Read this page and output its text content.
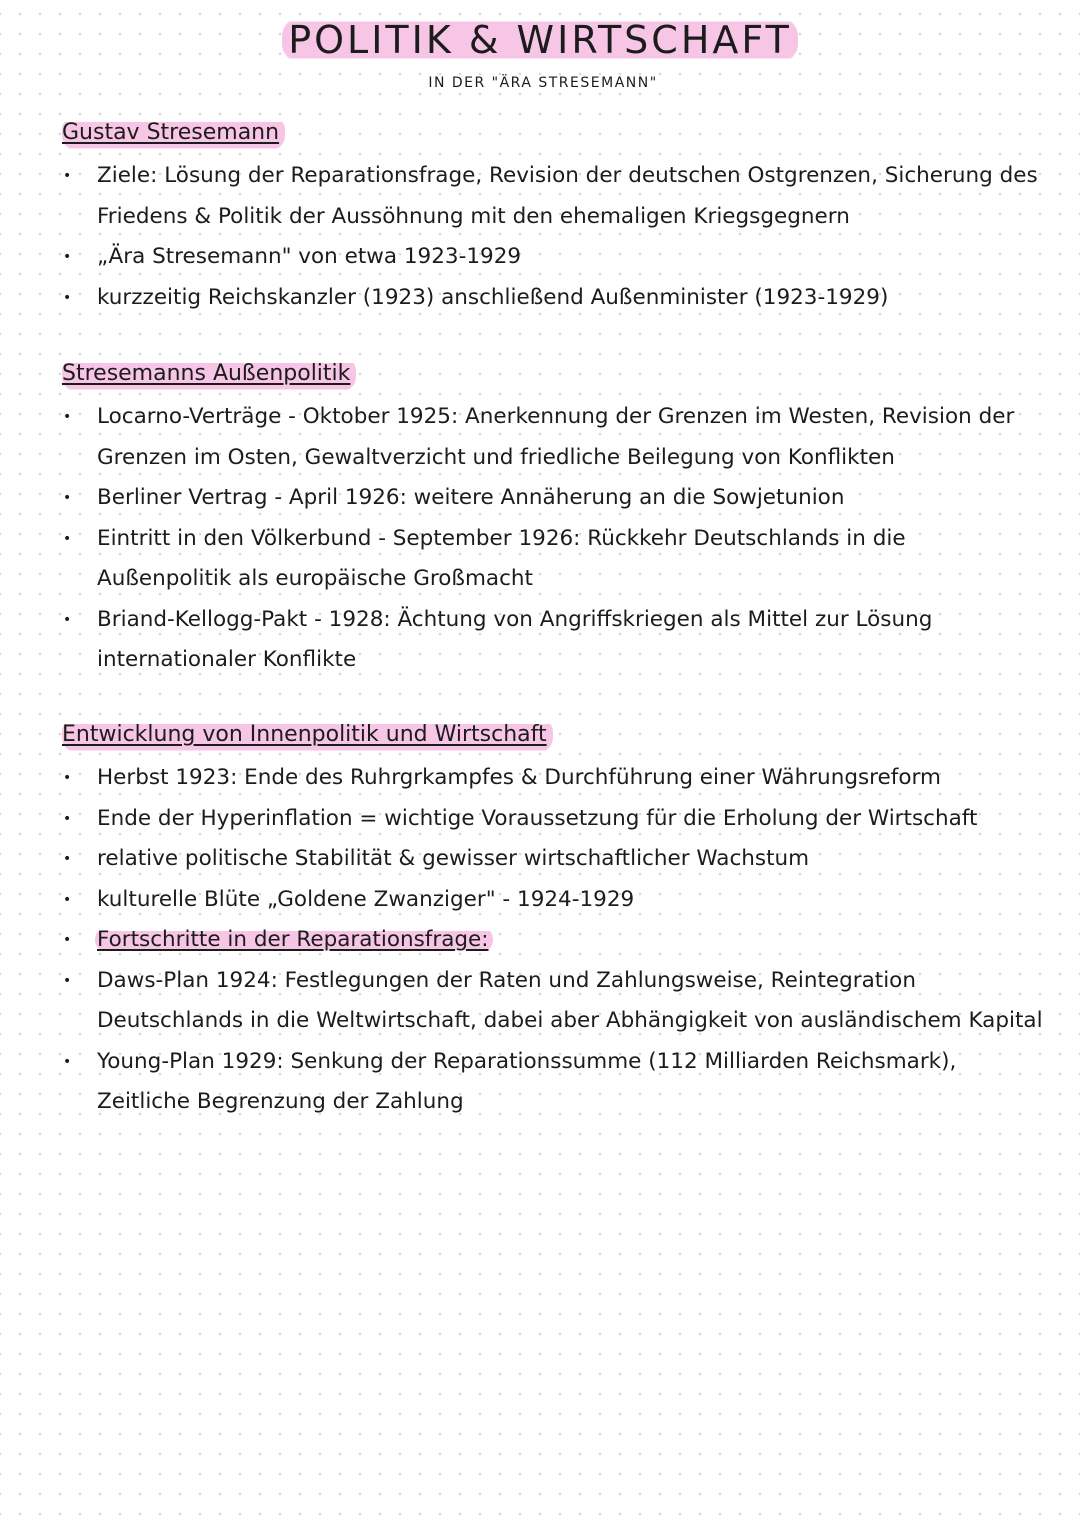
POLITIK & WIRTSCHAFT
IN DER "ÄRA STRESEMANN"
Gustav Stresemann
• Ziele: Lösung der Reparationsfrage, Revision der deutschen Ostgrenzen, Sicherung des
Friedens & Politik der Aussöhnung mit den ehemaligen Kriegsgegnern
• „Ära Stresemann" von etwa 1923-1929
• kurzzeitig Reichskanzler (1923) anschließend Außenminister (1923-1929)
Stresemanns Außenpolitik
• Locarno-Verträge - Oktober 1925: Anerkennung der Grenzen im Westen, Revision der
Grenzen im Osten, Gewaltverzicht und friedliche Beilegung von Konflikten
• Berliner Vertrag - April 1926: weitere Annäherung an die Sowjetunion
• Eintritt in den Völkerbund - September 1926: Rückkehr Deutschlands in die
Außenpolitik als europäische Großmacht
• Briand-Kellogg-Pakt - 1928: Ächtung von Angriffskriegen als Mittel zur Lösung
internationaler Konflikte
Entwicklung von Innenpolitik und Wirtschaft
• Herbst 1923: Ende des Ruhrgrkampfes & Durchführung einer Währungsreform
• Ende der Hyperinflation = wichtige Voraussetzung für die Erholung der Wirtschaft
• relative politische Stabilität & gewisser wirtschaftlicher Wachstum
• kulturelle Blüte „Goldene Zwanziger" - 1924-1929
• Fortschritte in der Reparationsfrage:
• Daws-Plan 1924: Festlegungen der Raten und Zahlungsweise, Reintegration
Deutschlands in die Weltwirtschaft, dabei aber Abhängigkeit von ausländischem Kapital
• Young-Plan 1929: Senkung der Reparationssumme (112 Milliarden Reichsmark),
Zeitliche Begrenzung der Zahlung
